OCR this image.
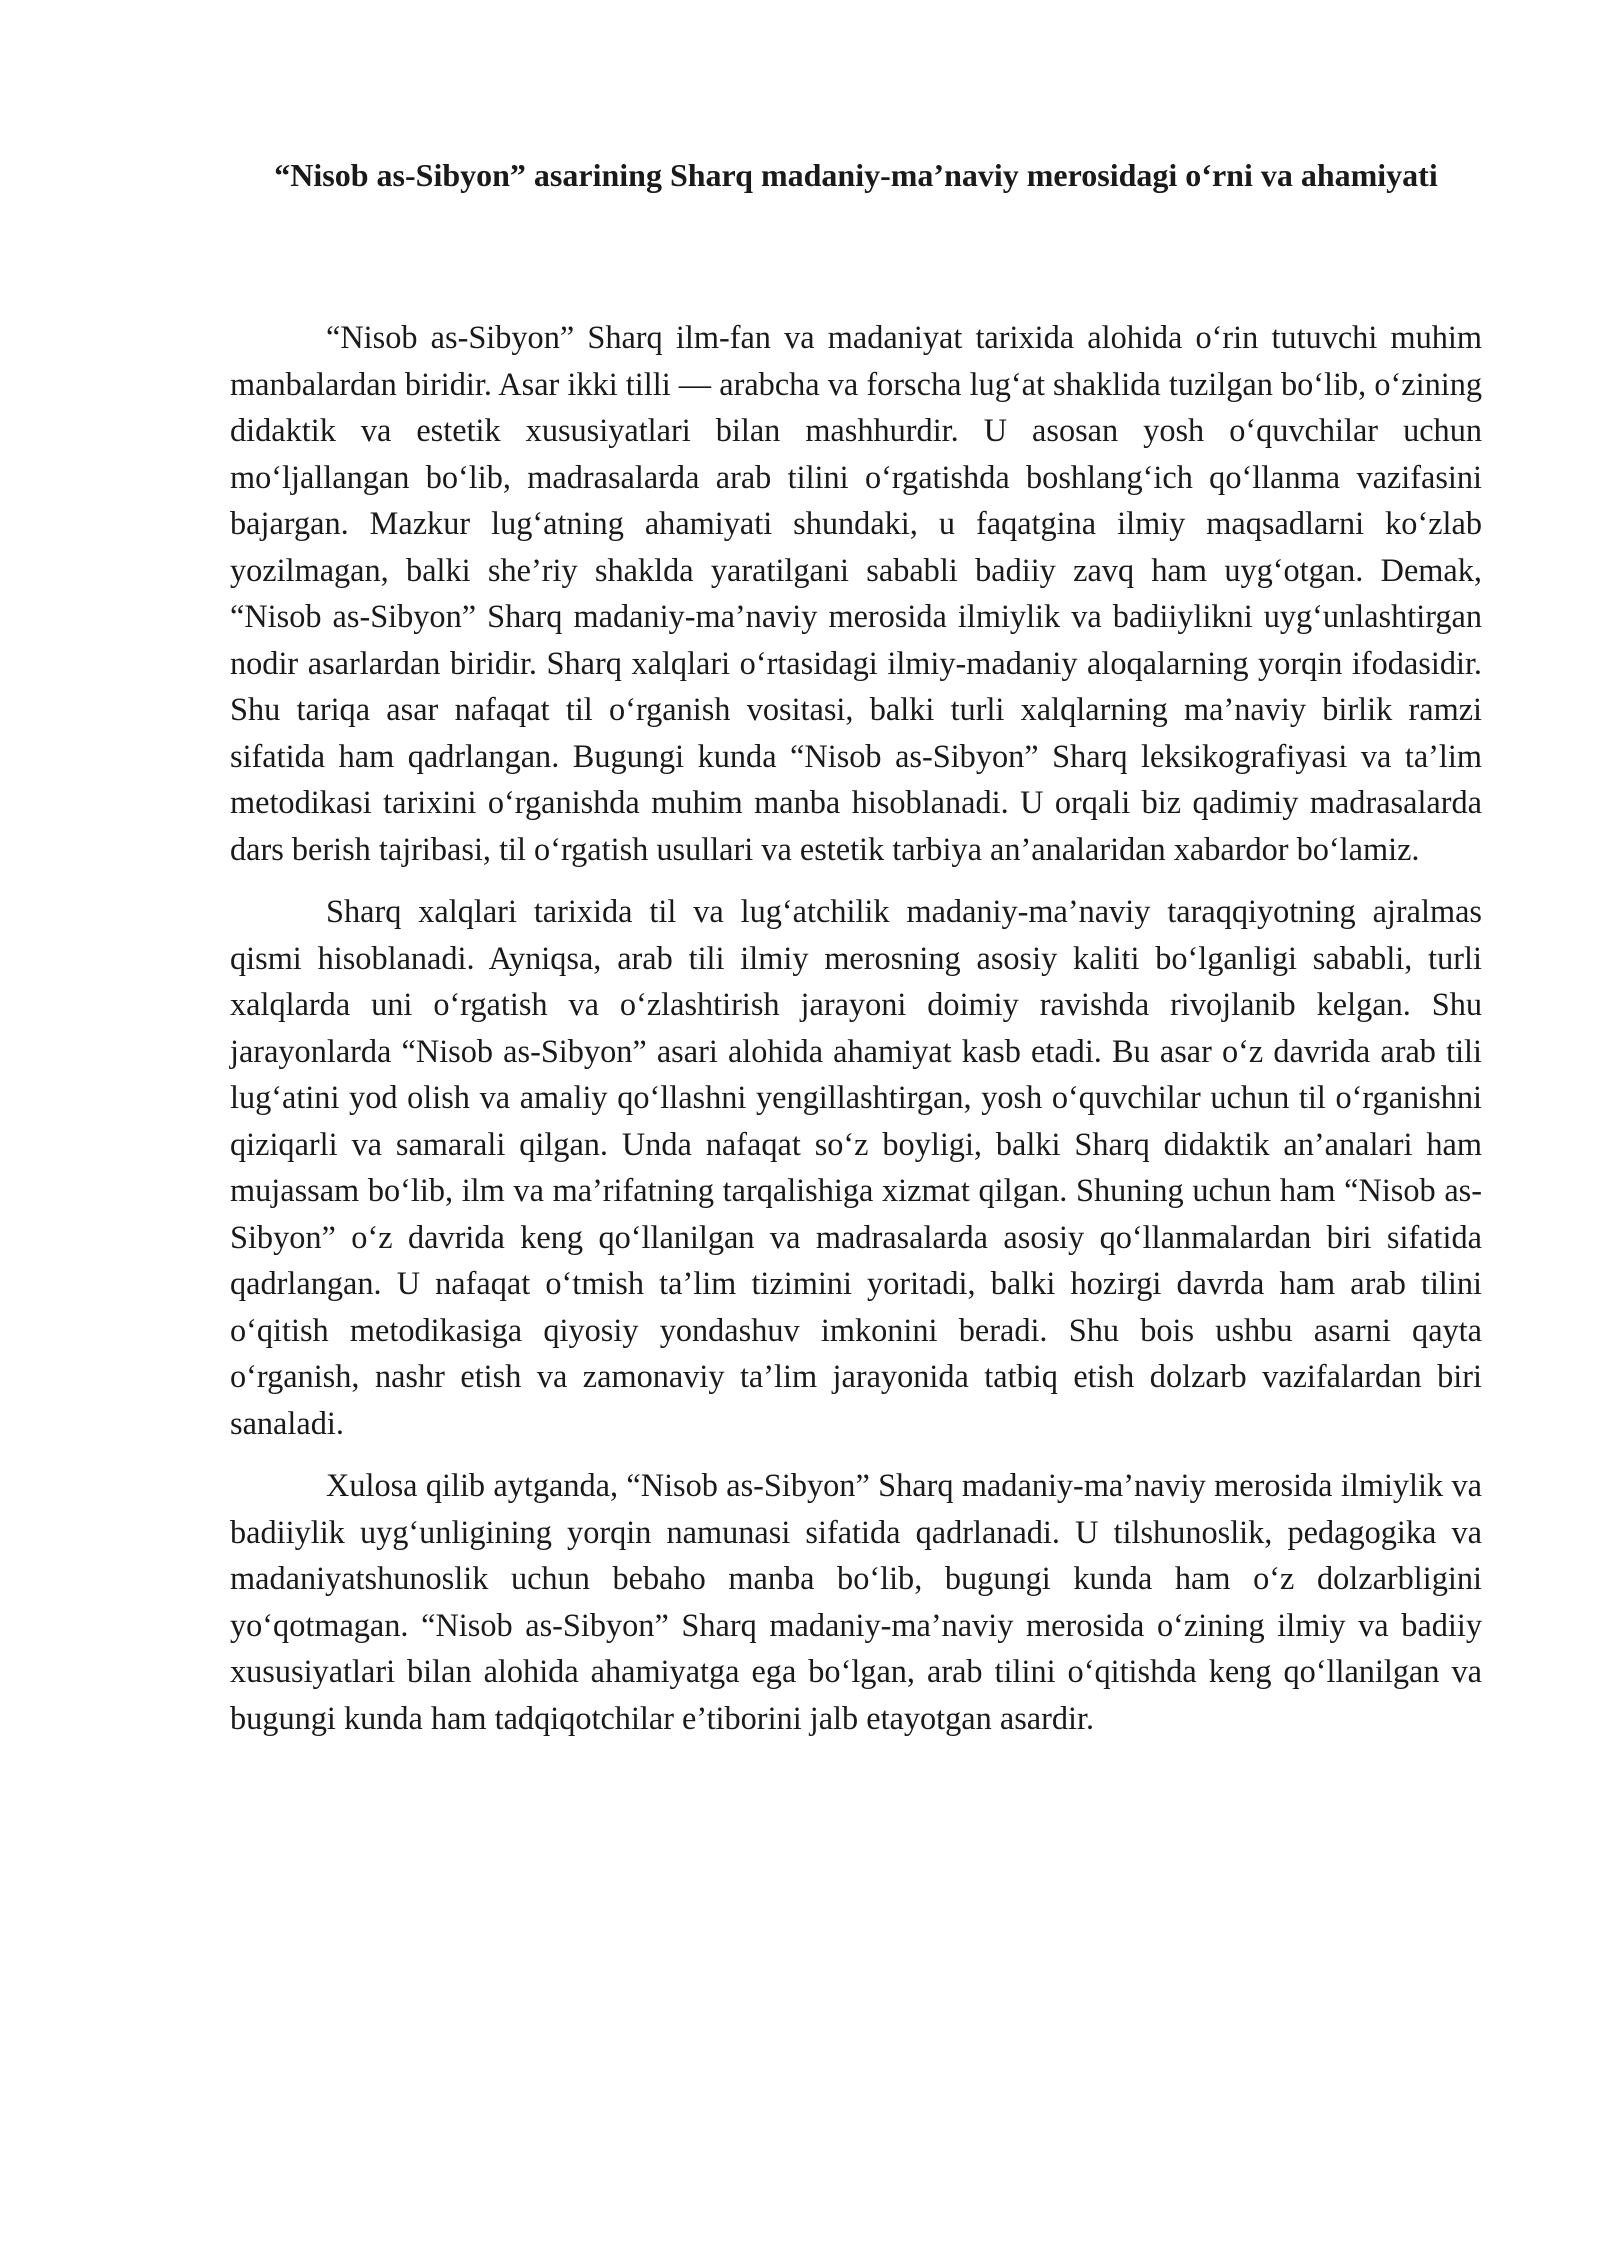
“Nisob as-Sibyon” asarining Sharq madaniy-ma’naviy merosidagi o‘rni va ahamiyati

“Nisob as-Sibyon” Sharq ilm-fan va madaniyat tarixida alohida o‘rin tutuvchi muhim manbalardan biridir. Asar ikki tilli — arabcha va forscha lug‘at shaklida tuzilgan bo‘lib, o‘zining didaktik va estetik xususiyatlari bilan mashhurdir. U asosan yosh o‘quvchilar uchun mo‘ljallangan bo‘lib, madrasalarda arab tilini o‘rgatishda boshlang‘ich qo‘llanma vazifasini bajargan. Mazkur lug‘atning ahamiyati shundaki, u faqatgina ilmiy maqsadlarni ko‘zlab yozilmagan, balki she’riy shaklda yaratilgani sababli badiiy zavq ham uyg‘otgan. Demak, “Nisob as-Sibyon” Sharq madaniy-ma’naviy merosida ilmiylik va badiiylikni uyg‘unlashtirgan nodir asarlardan biridir. Sharq xalqlari o‘rtasidagi ilmiy-madaniy aloqalarning yorqin ifodasidir. Shu tariqa asar nafaqat til o‘rganish vositasi, balki turli xalqlarning ma’naviy birlik ramzi sifatida ham qadrlangan. Bugungi kunda “Nisob as-Sibyon” Sharq leksikografiyasi va ta’lim metodikasi tarixini o‘rganishda muhim manba hisoblanadi. U orqali biz qadimiy madrasalarda dars berish tajribasi, til o‘rgatish usullari va estetik tarbiya an’analaridan xabardor bo‘lamiz.

Sharq xalqlari tarixida til va lug‘atchilik madaniy-ma’naviy taraqqiyotning ajralmas qismi hisoblanadi. Ayniqsa, arab tili ilmiy merosning asosiy kaliti bo‘lganligi sababli, turli xalqlarda uni o‘rgatish va o‘zlashtirish jarayoni doimiy ravishda rivojlanib kelgan. Shu jarayonlarda “Nisob as-Sibyon” asari alohida ahamiyat kasb etadi. Bu asar o‘z davrida arab tili lug‘atini yod olish va amaliy qo‘llashni yengillashtirgan, yosh o‘quvchilar uchun til o‘rganishni qiziqarli va samarali qilgan. Unda nafaqat so‘z boyligi, balki Sharq didaktik an’analari ham mujassam bo‘lib, ilm va ma’rifatning tarqalishiga xizmat qilgan. Shuning uchun ham “Nisob as-Sibyon” o‘z davrida keng qo‘llanilgan va madrasalarda asosiy qo‘llanmalardan biri sifatida qadrlangan. U nafaqat o‘tmish ta’lim tizimini yoritadi, balki hozirgi davrda ham arab tilini o‘qitish metodikasiga qiyosiy yondashuv imkonini beradi. Shu bois ushbu asarni qayta o‘rganish, nashr etish va zamonaviy ta’lim jarayonida tatbiq etish dolzarb vazifalardan biri sanaladi.

Xulosa qilib aytganda, “Nisob as-Sibyon” Sharq madaniy-ma’naviy merosida ilmiylik va badiiylik uyg‘unligining yorqin namunasi sifatida qadrlanadi. U tilshunoslik, pedagogika va madaniyatshunoslik uchun bebaho manba bo‘lib, bugungi kunda ham o‘z dolzarbligini yo‘qotmagan. “Nisob as-Sibyon” Sharq madaniy-ma’naviy merosida o‘zining ilmiy va badiiy xususiyatlari bilan alohida ahamiyatga ega bo‘lgan, arab tilini o‘qitishda keng qo‘llanilgan va bugungi kunda ham tadqiqotchilar e’tiborini jalb etayotgan asardir.
